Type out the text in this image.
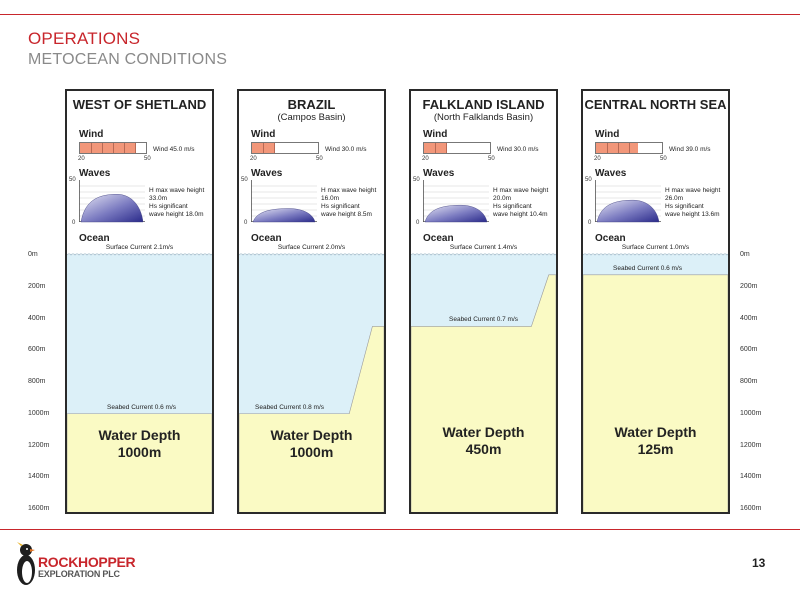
OPERATIONS
METOCEAN CONDITIONS
0m
200m
400m
600m
800m
1000m
1200m
1400m
1600m
0m
200m
400m
600m
800m
1000m
1200m
1400m
1600m
WEST OF SHETLAND
Wind
20	50
Wind 45.0 m/s
Waves
50
0
H max wave height
33.0m
Hs significant
wave height 18.0m
Ocean
Surface Current 2.1m/s
Seabed Current 0.6 m/s
Water Depth
1000m
BRAZIL
(Campos Basin)
Wind
20	50
Wind 30.0 m/s
Waves
50
0
H max wave height
16.0m
Hs significant
wave height 8.5m
Ocean
Surface Current 2.0m/s
Seabed Current 0.8 m/s
Water Depth
1000m
FALKLAND ISLAND
(North Falklands Basin)
Wind
20	50
Wind 30.0 m/s
Waves
50
0
H max wave height
20.0m
Hs significant
wave height 10.4m
Ocean
Surface Current 1.4m/s
Seabed Current 0.7 m/s
Water Depth
450m
CENTRAL NORTH SEA
Wind
20	50
Wind 39.0 m/s
Waves
50
0
H max wave height
26.0m
Hs significant
wave height 13.6m
Ocean
Surface Current 1.0m/s
Seabed Current 0.6 m/s
Water Depth
125m
ROCKHOPPER
EXPLORATION PLC
13
